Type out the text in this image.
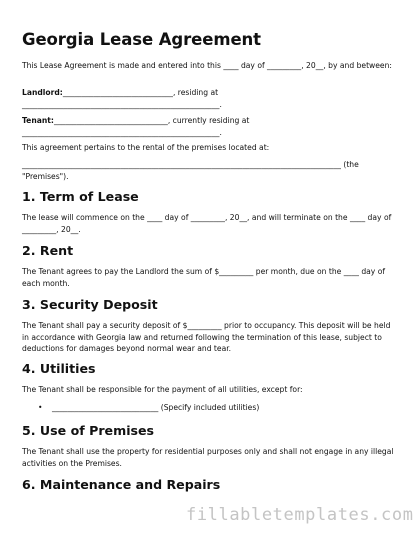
Georgia Lease Agreement
This Lease Agreement is made and entered into this ____ day of _________, 20__, by and between:
Landlord:_____________________________, residing at
____________________________________________________.
Tenant:______________________________, currently residing at
____________________________________________________.
This agreement pertains to the rental of the premises located at:
____________________________________________________________________________________ (the
"Premises").
1. Term of Lease
The lease will commence on the ____ day of _________, 20__, and will terminate on the ____ day of _________, 20__.
2. Rent
The Tenant agrees to pay the Landlord the sum of $_________ per month, due on the ____ day of each month.
3. Security Deposit
The Tenant shall pay a security deposit of $_________ prior to occupancy. This deposit will be held in accordance with Georgia law and returned following the termination of this lease, subject to deductions for damages beyond normal wear and tear.
4. Utilities
The Tenant shall be responsible for the payment of all utilities, except for:
• ____________________________ (Specify included utilities)
5. Use of Premises
The Tenant shall use the property for residential purposes only and shall not engage in any illegal activities on the Premises.
6. Maintenance and Repairs
fillabletemplates.com
